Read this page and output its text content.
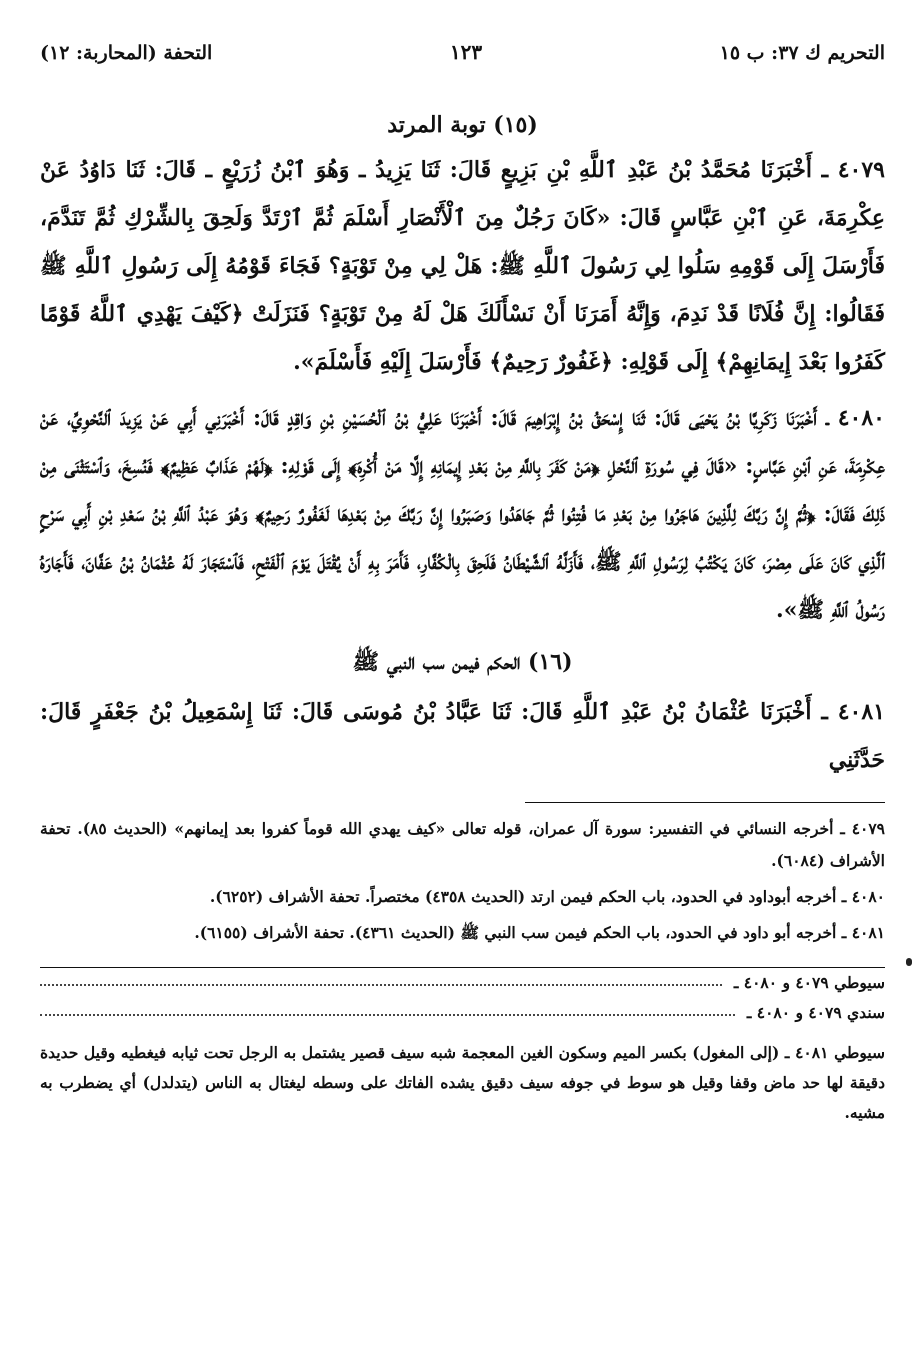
التحريم ك ٣٧: ب ١٥
١٢٣
التحفة (المحاربة: ١٢)
(١٥) توبة المرتد

٤٠٧٩ ـ أَخْبَرَنَا مُحَمَّدُ بْنُ عَبْدِ ٱللَّهِ بْنِ بَزِيعٍ قَالَ: ثَنَا يَزِيدُ ـ وَهُوَ ٱبْنُ زُرَيْعٍ ـ قَالَ: ثَنَا دَاوُدُ عَنْ عِكْرِمَةَ، عَنِ ٱبْنِ عَبَّاسٍ قَالَ: «كَانَ رَجُلٌ مِنَ ٱلْأَنْصَارِ أَسْلَمَ ثُمَّ ٱرْتَدَّ وَلَحِقَ بِالشِّرْكِ ثُمَّ تَنَدَّمَ، فَأَرْسَلَ إِلَى قَوْمِهِ سَلُوا لِي رَسُولَ ٱللَّهِ ﷺ: هَلْ لِي مِنْ تَوْبَةٍ؟ فَجَاءَ قَوْمُهُ إِلَى رَسُولِ ٱللَّهِ ﷺ فَقَالُوا: إِنَّ فُلَانًا قَدْ نَدِمَ، وَإِنَّهُ أَمَرَنَا أَنْ نَسْأَلَكَ هَلْ لَهُ مِنْ تَوْبَةٍ؟ فَنَزَلَتْ ﴿كَيْفَ يَهْدِي ٱللَّهُ قَوْمًا كَفَرُوا بَعْدَ إِيمَانِهِمْ﴾ إِلَى قَوْلِهِ: ﴿غَفُورٌ رَحِيمٌ﴾ فَأَرْسَلَ إِلَيْهِ فَأَسْلَمَ».

٤٠٨٠ ـ أَخْبَرَنَا زَكَرِيَّا بْنُ يَحْيَى قَالَ: ثَنَا إِسْحَقُ بْنُ إِبْرَاهِيمَ قَالَ: أَخْبَرَنَا عَلِيُّ بْنُ ٱلْحُسَيْنِ بْنِ وَاقِدٍ قَالَ: أَخْبَرَنِي أَبِي عَنْ يَزِيدَ ٱلنَّحْوِيِّ، عَنْ عِكْرِمَةَ، عَنِ ٱبْنِ عَبَّاسٍ: «قَالَ فِي سُورَةِ ٱلنَّحْلِ ﴿مَنْ كَفَرَ بِاللَّهِ مِنْ بَعْدِ إِيمَانِهِ إِلَّا مَنْ أُكْرِهَ﴾ إِلَى قَوْلِهِ: ﴿لَهُمْ عَذَابٌ عَظِيمٌ﴾ فَنُسِخَ، وَٱسْتَثْنَى مِنْ ذَلِكَ فَقَالَ: ﴿ثُمَّ إِنَّ رَبَّكَ لِلَّذِينَ هَاجَرُوا مِنْ بَعْدِ مَا فُتِنُوا ثُمَّ جَاهَدُوا وَصَبَرُوا إِنَّ رَبَّكَ مِنْ بَعْدِهَا لَغَفُورٌ رَحِيمٌ﴾ وَهُوَ عَبْدُ ٱللَّهِ بْنُ سَعْدِ بْنِ أَبِي سَرْحٍ ٱلَّذِي كَانَ عَلَى مِصْرَ، كَانَ يَكْتُبُ لِرَسُولِ ٱللَّهِ ﷺ، فَأَزَلَّهُ ٱلشَّيْطَانُ فَلَحِقَ بِالْكُفَّارِ، فَأَمَرَ بِهِ أَنْ يُقْتَلَ يَوْمَ ٱلْفَتْحِ، فَٱسْتَجَارَ لَهُ عُثْمَانُ بْنُ عَفَّانَ، فَأَجَارَهُ رَسُولُ ٱللَّهِ ﷺ».

(١٦) الحكم فيمن سب النبي ﷺ

٤٠٨١ ـ أَخْبَرَنَا عُثْمَانُ بْنُ عَبْدِ ٱللَّهِ قَالَ: ثَنَا عَبَّادُ بْنُ مُوسَى قَالَ: ثَنَا إِسْمَعِيلُ بْنُ جَعْفَرٍ قَالَ: حَدَّثَنِي

٤٠٧٩ ـ أخرجه النسائي في التفسير: سورة آل عمران، قوله تعالى «كيف يهدي الله قوماً كفروا بعد إيمانهم» (الحديث ٨٥). تحفة الأشراف (٦٠٨٤).

٤٠٨٠ ـ أخرجه أبوداود في الحدود، باب الحكم فيمن ارتد (الحديث ٤٣٥٨) مختصراً. تحفة الأشراف (٦٢٥٢).

٤٠٨١ ـ أخرجه أبو داود في الحدود، باب الحكم فيمن سب النبي ﷺ (الحديث ٤٣٦١). تحفة الأشراف (٦١٥٥).

سيوطي ٤٠٧٩ و ٤٠٨٠ ـ
سندي ٤٠٧٩ و ٤٠٨٠ ـ

سيوطي ٤٠٨١ ـ (إلى المغول) بكسر الميم وسكون الغين المعجمة شبه سيف قصير يشتمل به الرجل تحت ثيابه فيغطيه وقيل حديدة دقيقة لها حد ماض وقفا وقيل هو سوط في جوفه سيف دقيق يشده الفاتك على وسطه ليغتال به الناس (يتدلدل) أي يضطرب به مشيه.
